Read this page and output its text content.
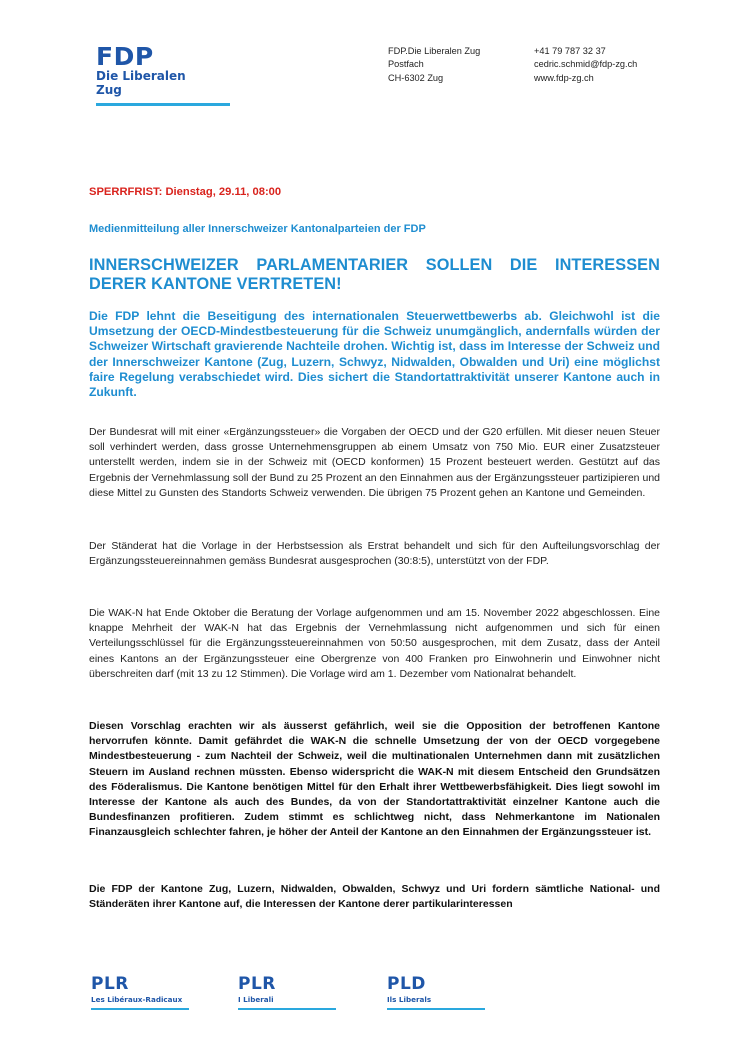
FDP
Die Liberalen
Zug
FDP.Die Liberalen Zug
Postfach
CH-6302 Zug
+41 79 787 32 37
cedric.schmid@fdp-zg.ch
www.fdp-zg.ch
SPERRFRIST: Dienstag, 29.11, 08:00
Medienmitteilung aller Innerschweizer Kantonalparteien der FDP
INNERSCHWEIZER PARLAMENTARIER SOLLEN DIE INTERESSEN DERER KANTONE VERTRETEN!
Die FDP lehnt die Beseitigung des internationalen Steuerwettbewerbs ab. Gleichwohl ist die Umsetzung der OECD-Mindestbesteuerung für die Schweiz unumgänglich, andernfalls würden der Schweizer Wirtschaft gravierende Nachteile drohen. Wichtig ist, dass im Interesse der Schweiz und der Innerschweizer Kantone (Zug, Luzern, Schwyz, Nidwalden, Obwalden und Uri) eine möglichst faire Regelung verabschiedet wird. Dies sichert die Standortattraktivität unserer Kantone auch in Zukunft.
Der Bundesrat will mit einer «Ergänzungssteuer» die Vorgaben der OECD und der G20 erfüllen. Mit dieser neuen Steuer soll verhindert werden, dass grosse Unternehmensgruppen ab einem Umsatz von 750 Mio. EUR einer Zusatzsteuer unterstellt werden, indem sie in der Schweiz mit (OECD konformen) 15 Prozent besteuert werden. Gestützt auf das Ergebnis der Vernehmlassung soll der Bund zu 25 Prozent an den Einnahmen aus der Ergänzungssteuer partizipieren und diese Mittel zu Gunsten des Standorts Schweiz verwenden. Die übrigen 75 Prozent gehen an Kantone und Gemeinden.
Der Ständerat hat die Vorlage in der Herbstsession als Erstrat behandelt und sich für den Aufteilungsvorschlag der Ergänzungssteuereinnahmen gemäss Bundesrat ausgesprochen (30:8:5), unterstützt von der FDP.
Die WAK-N hat Ende Oktober die Beratung der Vorlage aufgenommen und am 15. November 2022 abgeschlossen. Eine knappe Mehrheit der WAK-N hat das Ergebnis der Vernehmlassung nicht aufgenommen und sich für einen Verteilungsschlüssel für die Ergänzungssteuereinnahmen von 50:50 ausgesprochen, mit dem Zusatz, dass der Anteil eines Kantons an der Ergänzungssteuer eine Obergrenze von 400 Franken pro Einwohnerin und Einwohner nicht überschreiten darf (mit 13 zu 12 Stimmen). Die Vorlage wird am 1. Dezember vom Nationalrat behandelt.
Diesen Vorschlag erachten wir als äusserst gefährlich, weil sie die Opposition der betroffenen Kantone hervorrufen könnte. Damit gefährdet die WAK-N die schnelle Umsetzung der von der OECD vorgegebene Mindestbesteuerung - zum Nachteil der Schweiz, weil die multinationalen Unternehmen dann mit zusätzlichen Steuern im Ausland rechnen müssten. Ebenso widerspricht die WAK-N mit diesem Entscheid den Grundsätzen des Föderalismus. Die Kantone benötigen Mittel für den Erhalt ihrer Wettbewerbsfähigkeit. Dies liegt sowohl im Interesse der Kantone als auch des Bundes, da von der Standortattraktivität einzelner Kantone auch die Bundesfinanzen profitieren. Zudem stimmt es schlichtweg nicht, dass Nehmerkantone im Nationalen Finanzausgleich schlechter fahren, je höher der Anteil der Kantone an den Einnahmen der Ergänzungssteuer ist.
Die FDP der Kantone Zug, Luzern, Nidwalden, Obwalden, Schwyz und Uri fordern sämtliche National- und Ständeräten ihrer Kantone auf, die Interessen der Kantone derer partikularinteressen
PLR
Les Libéraux-Radicaux
PLR
I Liberali
PLD
Ils Liberals
